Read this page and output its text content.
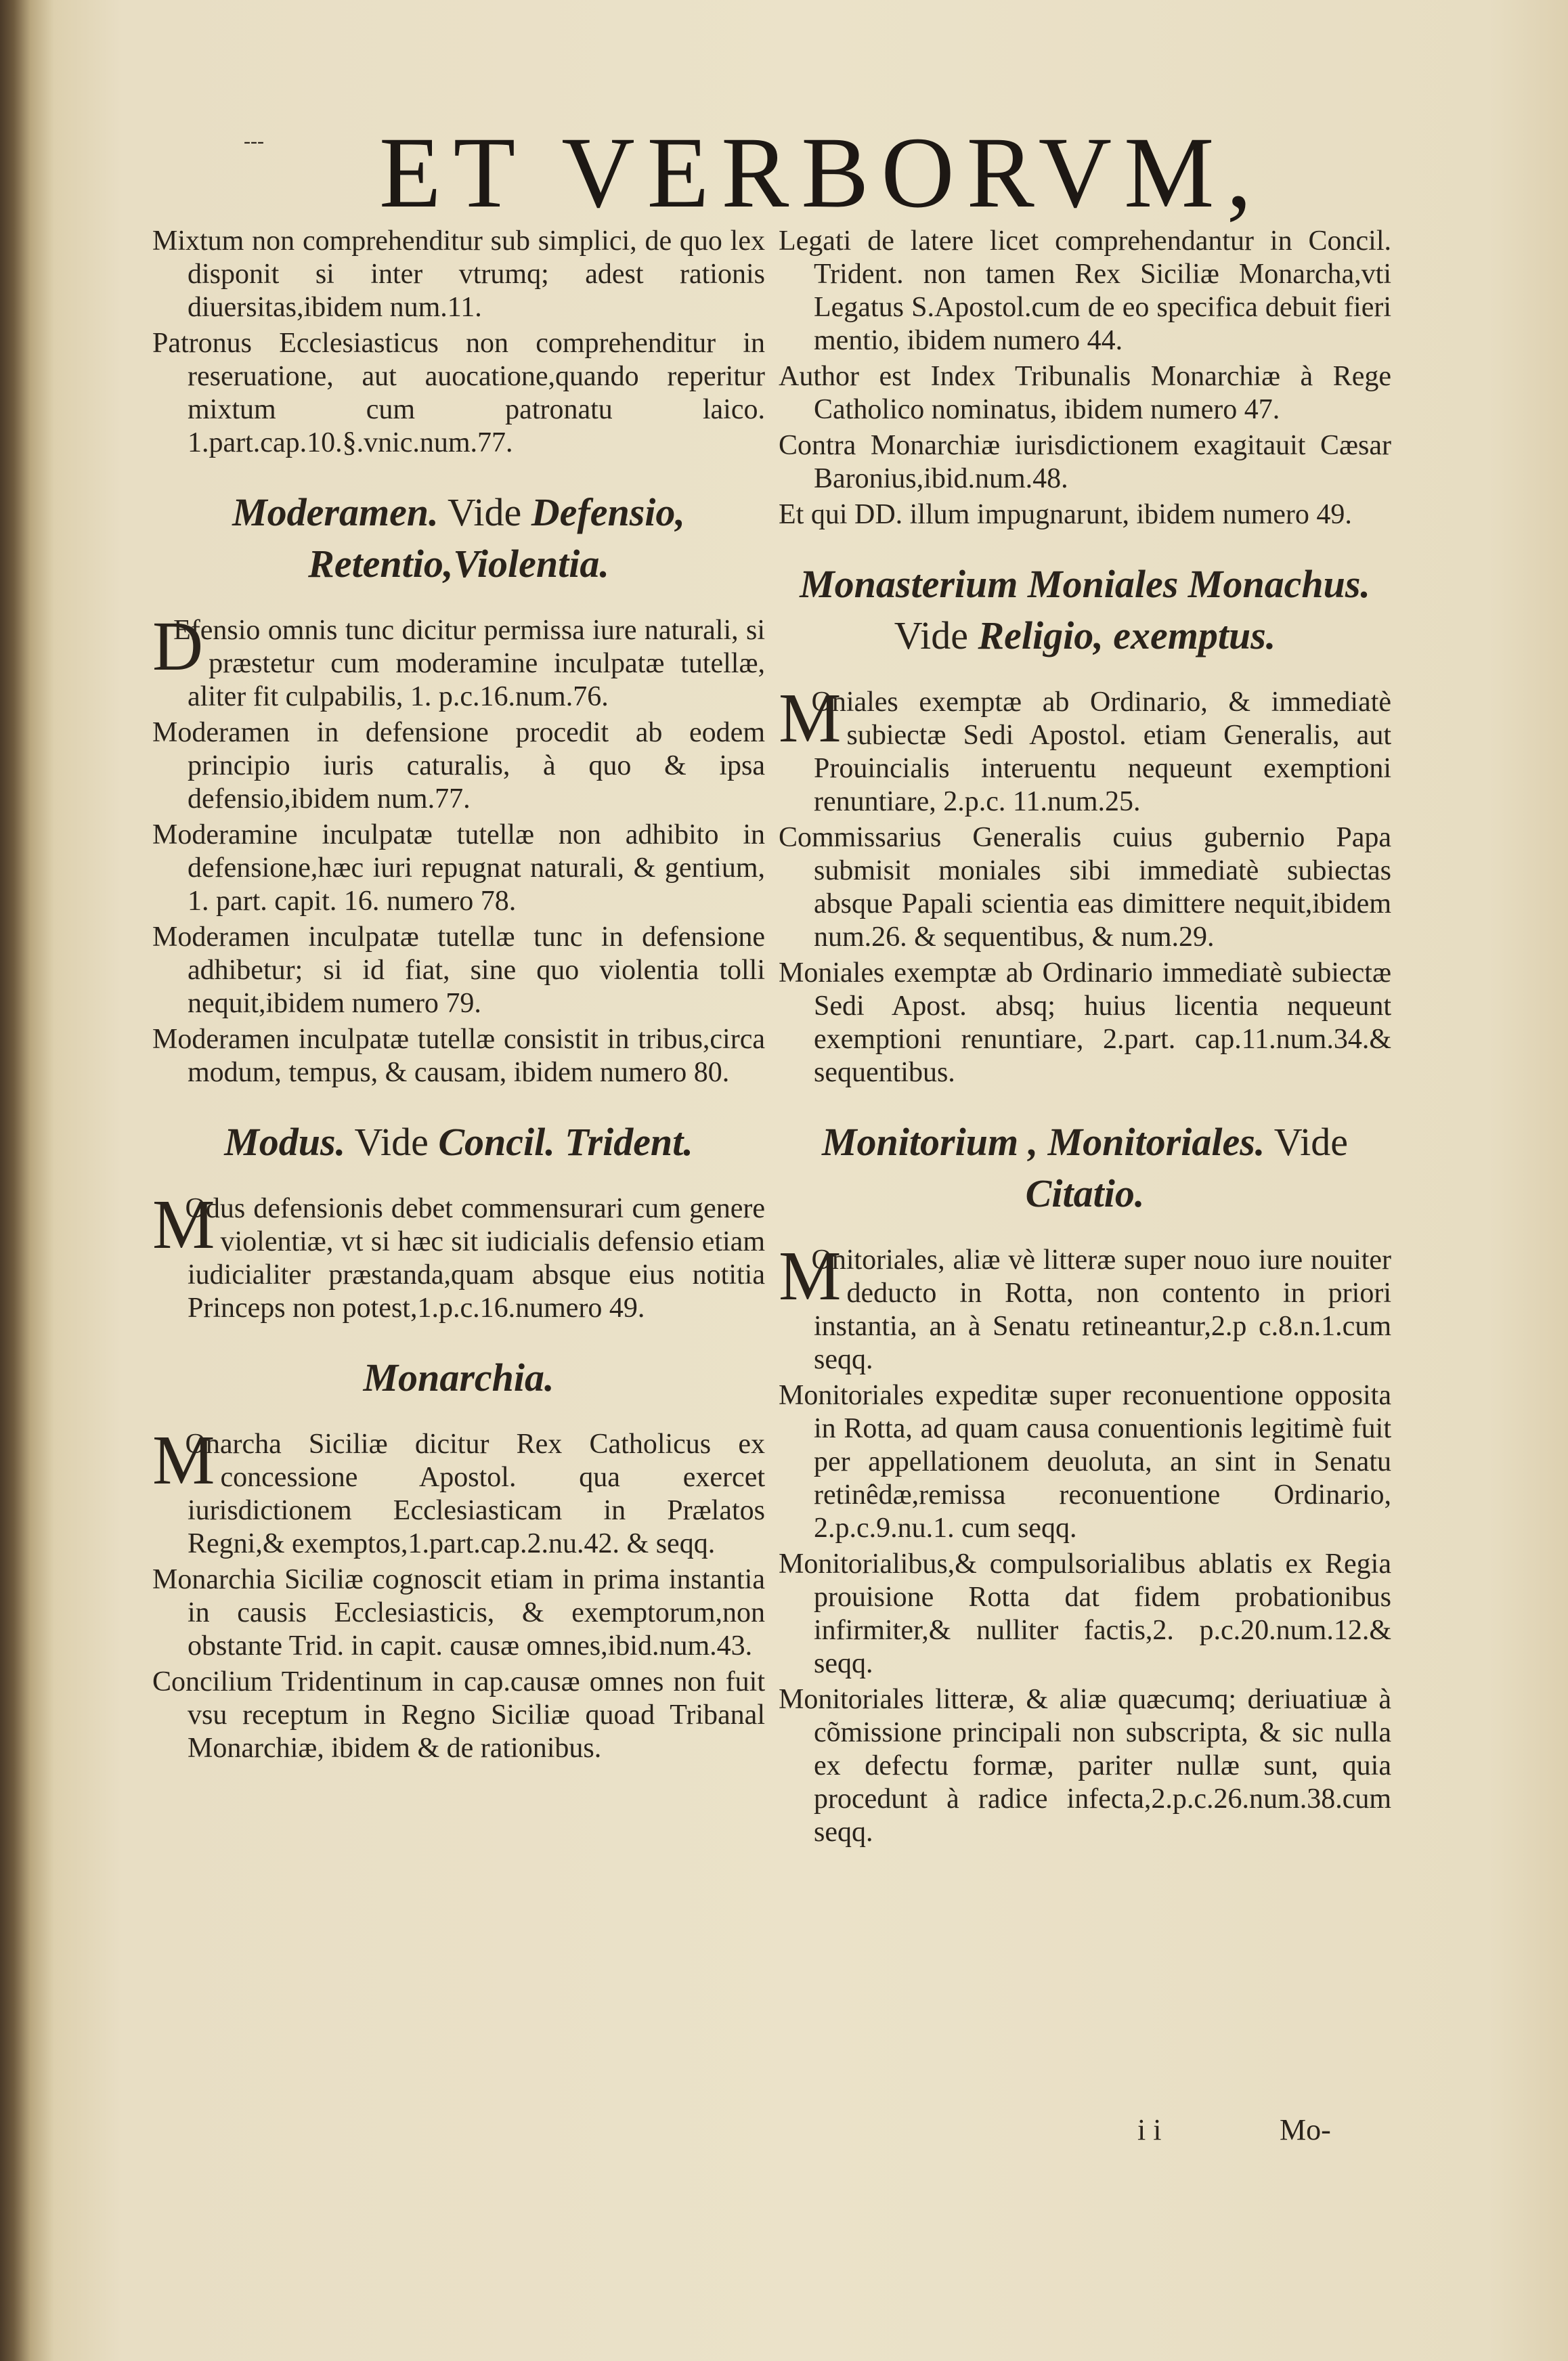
--- ET VERBORVM,

Mixtum non comprehenditur sub simplici, de quo lex disponit si inter vtrumq; adest rationis diuersitas,ibidem num.11.

Patronus Ecclesiasticus non comprehenditur in reseruatione, aut auocatione,quando reperitur mixtum cum patronatu laico. 1.part.cap.10.§.vnic.num.77.

Moderamen. Vide Defensio, Retentio,Violentia.

D
Efensio omnis tunc dicitur permissa iure naturali, si præstetur cum moderamine inculpatæ tutellæ, aliter fit culpabilis, 1. p.c.16.num.76.

Moderamen in defensione procedit ab eodem principio iuris caturalis, à quo & ipsa defensio,ibidem num.77.

Moderamine inculpatæ tutellæ non adhibito in defensione,hæc iuri repugnat naturali, & gentium, 1. part. capit. 16. numero 78.

Moderamen inculpatæ tutellæ tunc in defensione adhibetur; si id fiat, sine quo violentia tolli nequit,ibidem numero 79.

Moderamen inculpatæ tutellæ consistit in tribus,circa modum, tempus, & causam, ibidem numero 80.

Modus. Vide Concil. Trident.

M
Odus defensionis debet commensurari cum genere violentiæ, vt si hæc sit iudicialis defensio etiam iudicialiter præstanda,quam absque eius notitia Princeps non potest,1.p.c.16.numero 49.

Monarchia.

M
Onarcha Siciliæ dicitur Rex Catholicus ex concessione Apostol. qua exercet iurisdictionem Ecclesiasticam in Prælatos Regni,& exemptos,1.part.cap.2.nu.42. & seqq.

Monarchia Siciliæ cognoscit etiam in prima instantia in causis Ecclesiasticis, & exemptorum,non obstante Trid. in capit. causæ omnes,ibid.num.43.

Concilium Tridentinum in cap.causæ omnes non fuit vsu receptum in Regno Siciliæ quoad Tribanal Monarchiæ, ibidem & de rationibus.

Legati de latere licet comprehendantur in Concil. Trident. non tamen Rex Siciliæ Monarcha,vti Legatus S.Apostol.cum de eo specifica debuit fieri mentio, ibidem numero 44.

Author est Index Tribunalis Monarchiæ à Rege Catholico nominatus, ibidem numero 47.

Contra Monarchiæ iurisdictionem exagitauit Cæsar Baronius,ibid.num.48.

Et qui DD. illum impugnarunt, ibidem numero 49.

Monasterium Moniales Monachus. Vide Religio, exemptus.

M
Oniales exemptæ ab Ordinario, & immediatè subiectæ Sedi Apostol. etiam Generalis, aut Prouincialis interuentu nequeunt exemptioni renuntiare, 2.p.c. 11.num.25.

Commissarius Generalis cuius gubernio Papa submisit moniales sibi immediatè subiectas absque Papali scientia eas dimittere nequit,ibidem num.26. & sequentibus, & num.29.

Moniales exemptæ ab Ordinario immediatè subiectæ Sedi Apost. absq; huius licentia nequeunt exemptioni renuntiare, 2.part. cap.11.num.34.& sequentibus.

Monitorium , Monitoriales. Vide Citatio.

M
Onitoriales, aliæ vè litteræ super nouo iure nouiter deducto in Rotta, non contento in priori instantia, an à Senatu retineantur,2.p c.8.n.1.cum seqq.

Monitoriales expeditæ super reconuentione opposita in Rotta, ad quam causa conuentionis legitimè fuit per appellationem deuoluta, an sint in Senatu retinêdæ,remissa reconuentione Ordinario, 2.p.c.9.nu.1. cum seqq.

Monitorialibus,& compulsorialibus ablatis ex Regia prouisione Rotta dat fidem probationibus infirmiter,& nulliter factis,2. p.c.20.num.12.& seqq.

Monitoriales litteræ, & aliæ quæcumq; deriuatiuæ à cõmissione principali non subscripta, & sic nulla ex defectu formæ, pariter nullæ sunt, quia procedunt à radice infecta,2.p.c.26.num.38.cum seqq.

i i	Mo-
